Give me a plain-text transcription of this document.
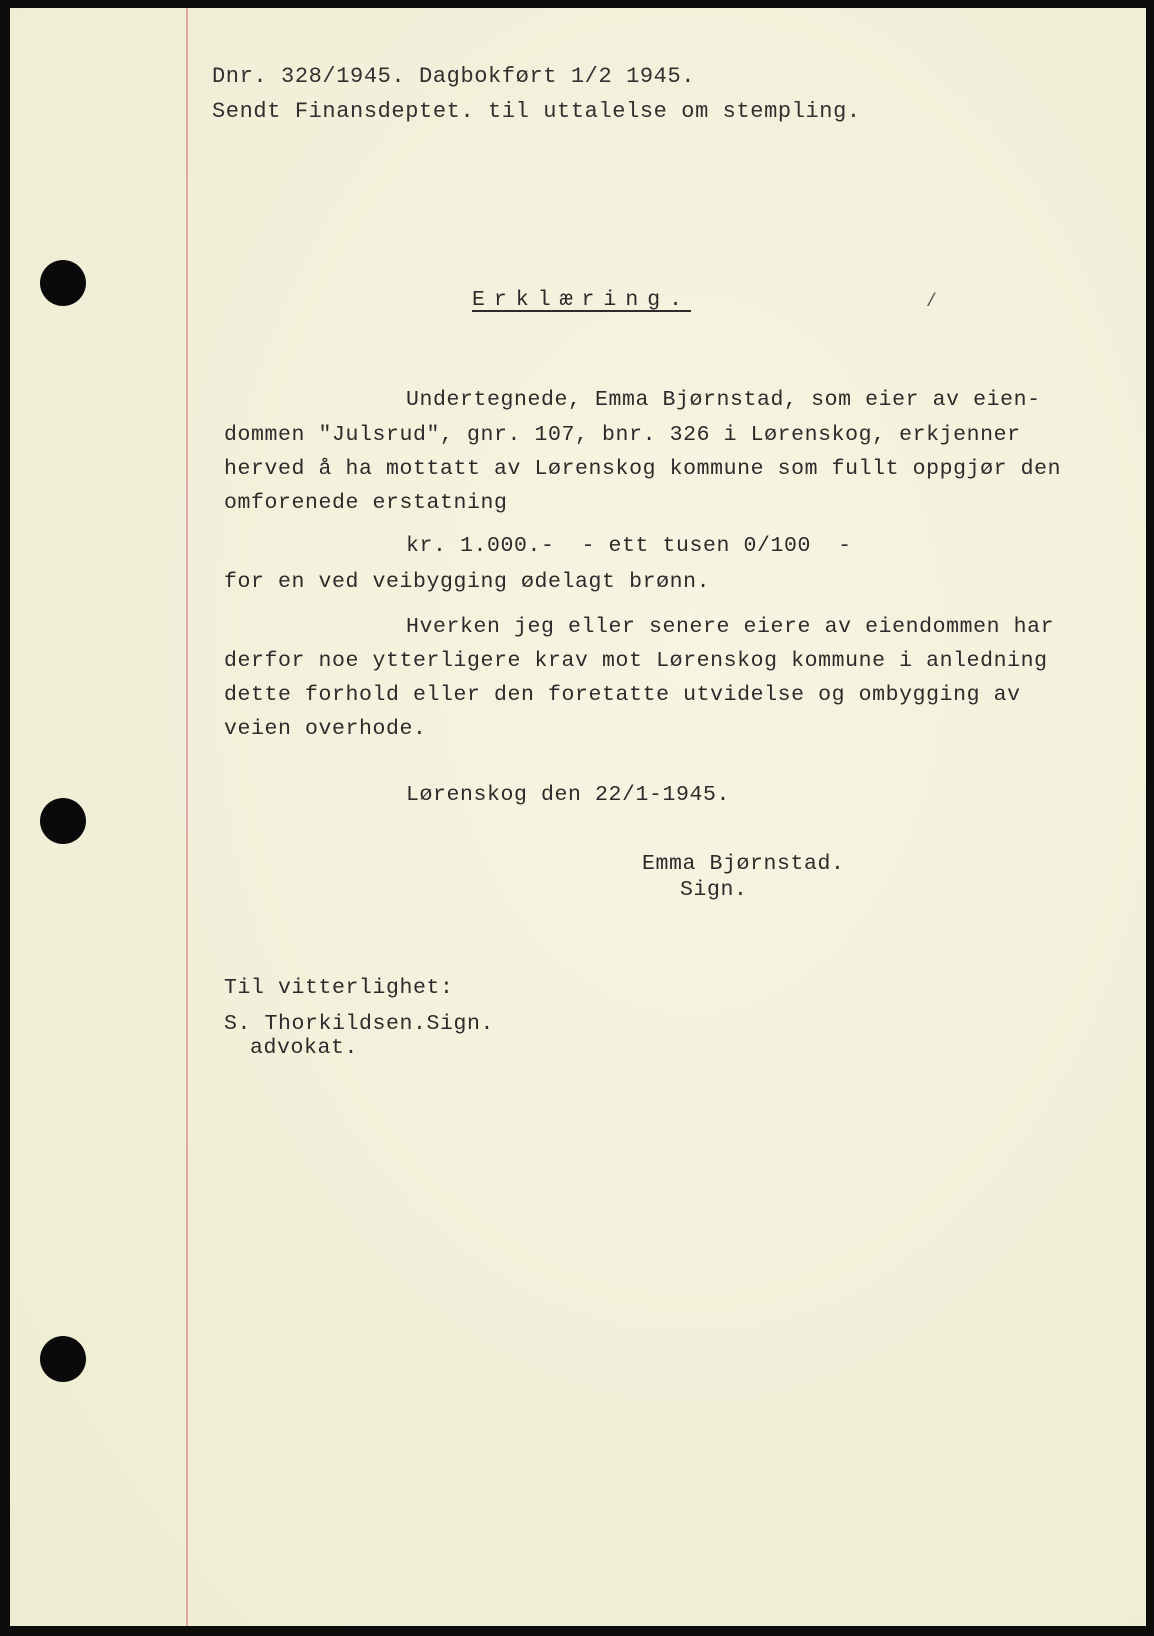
Dnr. 328/1945. Dagbokført 1/2 1945.
Sendt Finansdeptet. til uttalelse om stempling.
Erklæring.	/
Undertegnede, Emma Bjørnstad, som eier av eien-
dommen "Julsrud", gnr. 107, bnr. 326 i Lørenskog, erkjenner
herved å ha mottatt av Lørenskog kommune som fullt oppgjør den
omforenede erstatning
kr. 1.000.-  - ett tusen 0/100  -
for en ved veibygging ødelagt brønn.
Hverken jeg eller senere eiere av eiendommen har
derfor noe ytterligere krav mot Lørenskog kommune i anledning
dette forhold eller den foretatte utvidelse og ombygging av
veien overhode.
Lørenskog den 22/1-1945.
Emma Bjørnstad.
Sign.
Til vitterlighet:
S. Thorkildsen.Sign.
advokat.
